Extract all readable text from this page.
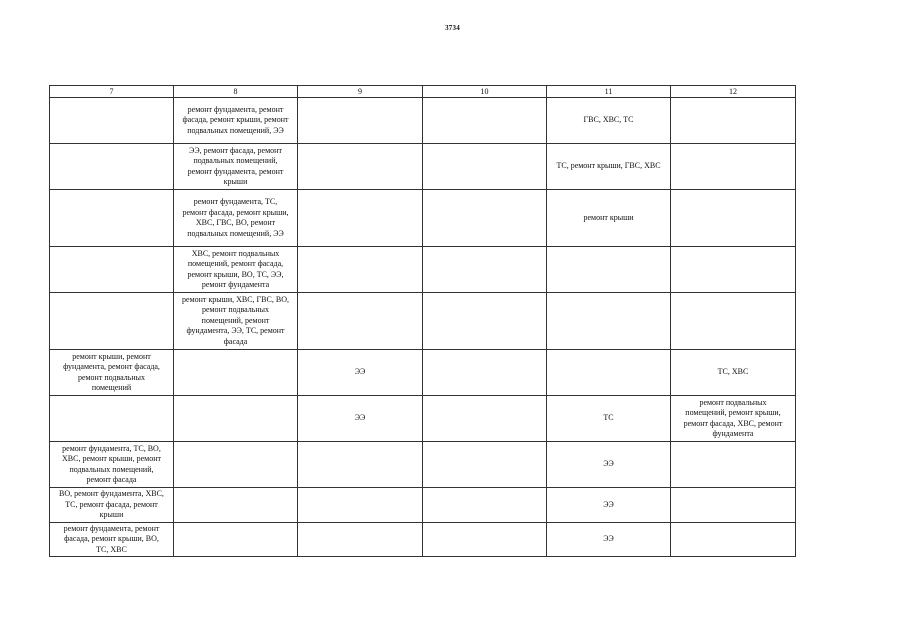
3734
7	8	9	10	11	12

	ремонт фундамента, ремонт
фасада, ремонт крыши, ремонт
подвальных помещений, ЭЭ			ГВС, ХВС, ТС	

	ЭЭ, ремонт фасада, ремонт
подвальных помещений,
ремонт фундамента, ремонт
крыши			ТС, ремонт крыши, ГВС, ХВС	

	ремонт фундамента, ТС,
ремонт фасада, ремонт крыши,
ХВС, ГВС, ВО, ремонт
подвальных помещений, ЭЭ			ремонт крыши	

	ХВС, ремонт подвальных
помещений, ремонт фасада,
ремонт крыши, ВО, ТС, ЭЭ,
ремонт фундамента				

	ремонт крыши, ХВС, ГВС, ВО,
ремонт подвальных
помещений, ремонт
фундамента, ЭЭ, ТС, ремонт
фасада				

ремонт крыши, ремонт
фундамента, ремонт фасада,
ремонт подвальных
помещений		ЭЭ			ТС, ХВС

		ЭЭ		ТС	ремонт подвальных
помещений, ремонт крыши,
ремонт фасада, ХВС, ремонт
фундамента

ремонт фундамента, ТС, ВО,
ХВС, ремонт крыши, ремонт
подвальных помещений,
ремонт фасада				ЭЭ	

ВО, ремонт фундамента, ХВС,
ТС, ремонт фасада, ремонт
крыши				ЭЭ	

ремонт фундамента, ремонт
фасада, ремонт крыши, ВО,
ТС, ХВС				ЭЭ	
